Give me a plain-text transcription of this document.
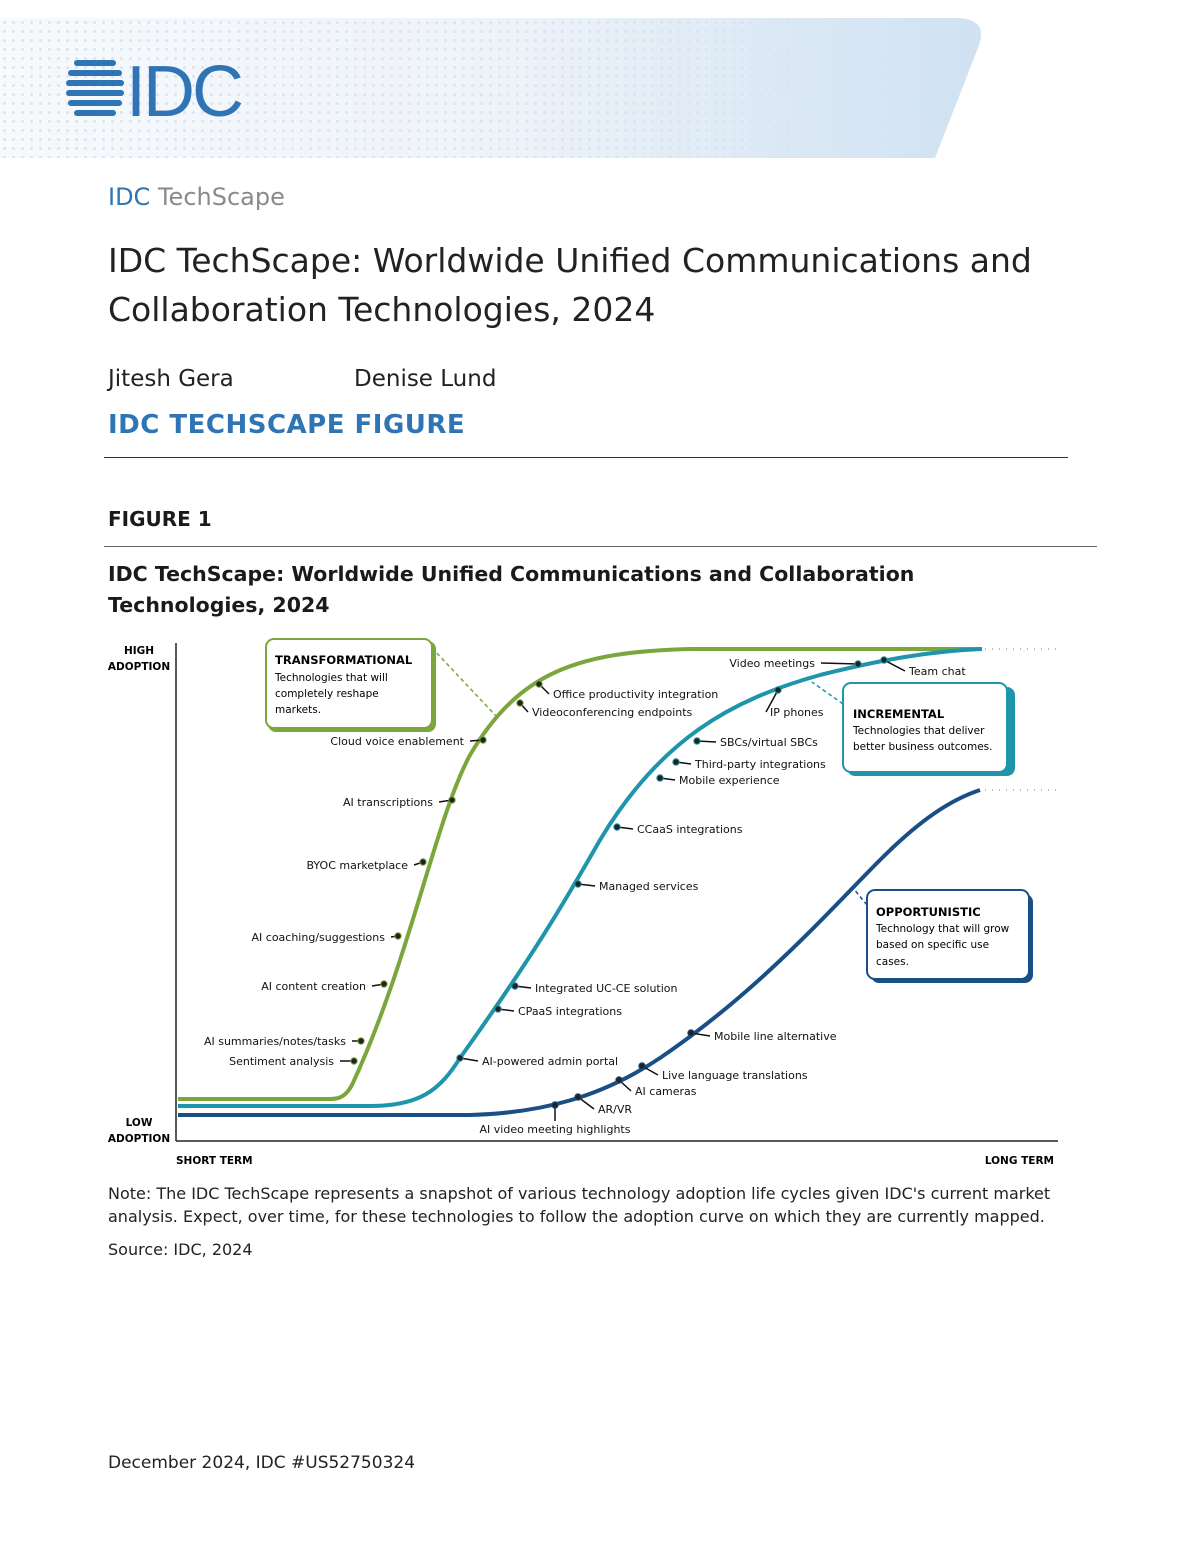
IDC
IDC TechScape
IDC TechScape: Worldwide Unified Communications and
Collaboration Technologies, 2024
Jitesh Gera	Denise Lund
IDC TECHSCAPE FIGURE
FIGURE 1
IDC TechScape: Worldwide Unified Communications and Collaboration
Technologies, 2024
HIGH
ADOPTION
LOW
ADOPTION
SHORT TERM	LONG TERM
TRANSFORMATIONAL
Technologies that will
completely reshape
markets.	INCREMENTAL
Technologies that deliver
better business outcomes.
OPPORTUNISTIC
Technology that will grow
based on specific use
cases.
Videoconferencing endpoints
Office productivity integration
Cloud voice enablement
AI transcriptions
BYOC marketplace
AI coaching/suggestions
AI content creation
AI summaries/notes/tasks
Sentiment analysis
Video meetings
Team chat
IP phones
SBCs/virtual SBCs
Third-party integrations
Mobile experience
CCaaS integrations
Managed services
Integrated UC-CE solution
CPaaS integrations
AI-powered admin portal
Mobile line alternative
Live language translations
AI cameras
AR/VR
AI video meeting highlights
Note: The IDC TechScape represents a snapshot of various technology adoption life cycles given IDC's current market
analysis. Expect, over time, for these technologies to follow the adoption curve on which they are currently mapped.
Source: IDC, 2024
December 2024, IDC #US52750324
